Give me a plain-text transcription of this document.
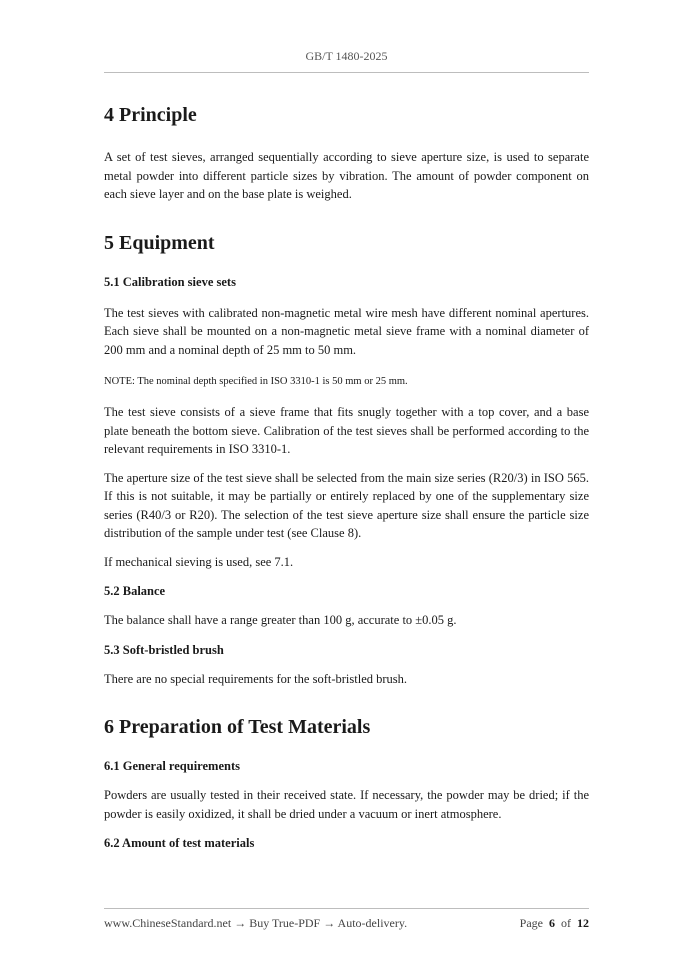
GB/T 1480-2025
4 Principle

A set of test sieves, arranged sequentially according to sieve aperture size, is used to separate metal powder into different particle sizes by vibration. The amount of powder component on each sieve layer and on the base plate is weighed.

5 Equipment
5.1 Calibration sieve sets

The test sieves with calibrated non-magnetic metal wire mesh have different nominal apertures. Each sieve shall be mounted on a non-magnetic metal sieve frame with a nominal diameter of 200 mm and a nominal depth of 25 mm to 50 mm.

NOTE: The nominal depth specified in ISO 3310-1 is 50 mm or 25 mm.

The test sieve consists of a sieve frame that fits snugly together with a top cover, and a base plate beneath the bottom sieve. Calibration of the test sieves shall be performed according to the relevant requirements in ISO 3310-1.

The aperture size of the test sieve shall be selected from the main size series (R20/3) in ISO 565. If this is not suitable, it may be partially or entirely replaced by one of the supplementary size series (R40/3 or R20). The selection of the test sieve aperture size shall ensure the particle size distribution of the sample under test (see Clause 8).

If mechanical sieving is used, see 7.1.

5.2 Balance

The balance shall have a range greater than 100 g, accurate to ±0.05 g.

5.3 Soft-bristled brush

There are no special requirements for the soft-bristled brush.

6 Preparation of Test Materials
6.1 General requirements

Powders are usually tested in their received state. If necessary, the powder may be dried; if the powder is easily oxidized, it shall be dried under a vacuum or inert atmosphere.

6.2 Amount of test materials
www.ChineseStandard.net → Buy True-PDF → Auto-delivery.	Page 6 of 12
